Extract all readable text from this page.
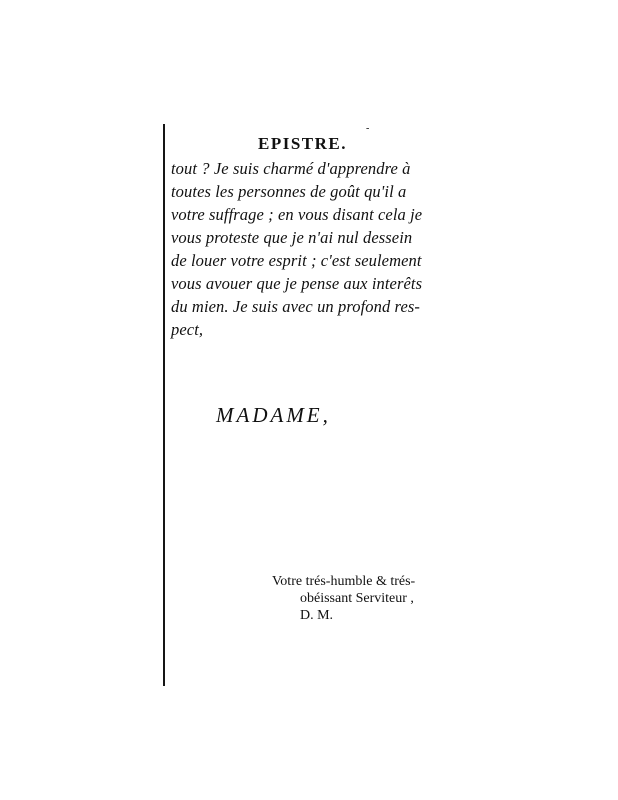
-
EPISTRE.
tout ? Je suis charmé d'apprendre à
toutes les personnes de goût qu'il a
votre suffrage ; en vous disant cela je
vous proteste que je n'ai nul dessein
de louer votre esprit ; c'est seulement
vous avouer que je pense aux interêts
du mien. Je suis avec un profond res-
pect,
MADAME,
Votre trés-humble & trés-
obéissant Serviteur ,
D. M.
